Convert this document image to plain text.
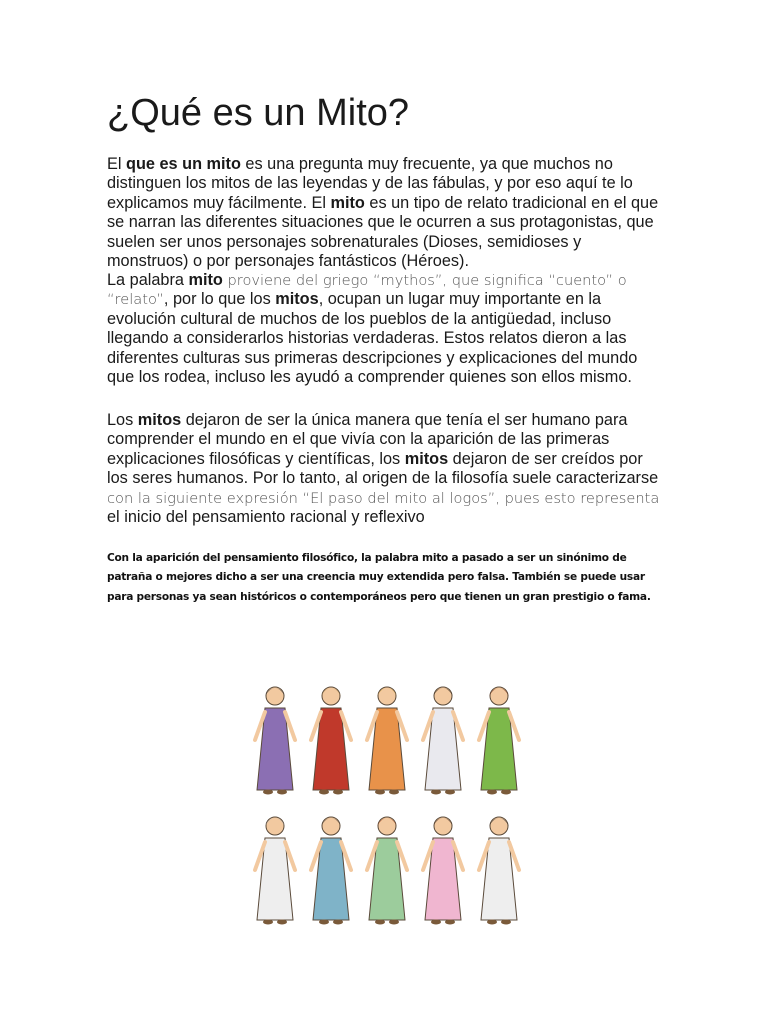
¿Qué es un Mito?

El que es un mito es una pregunta muy frecuente, ya que muchos no distinguen los mitos de las leyendas y de las fábulas, y por eso aquí te lo explicamos muy fácilmente. El mito es un tipo de relato tradicional en el que se narran las diferentes situaciones que le ocurren a sus protagonistas, que suelen ser unos personajes sobrenaturales (Dioses, semidioses y monstruos) o por personajes fantásticos (Héroes).

La palabra mito proviene del griego “mythos”, que significa “cuento” o “relato”, por lo que los mitos, ocupan un lugar muy importante en la evolución cultural de muchos de los pueblos de la antigüedad, incluso llegando a considerarlos historias verdaderas. Estos relatos dieron a las diferentes culturas sus primeras descripciones y explicaciones del mundo que los rodea, incluso les ayudó a comprender quienes son ellos mismo.

Los mitos dejaron de ser la única manera que tenía el ser humano para comprender el mundo en el que vivía con la aparición de las primeras explicaciones filosóficas y científicas, los mitos dejaron de ser creídos por los seres humanos. Por lo tanto, al origen de la filosofía suele caracterizarse con la siguiente expresión “El paso del mito al logos”, pues esto representa el inicio del pensamiento racional y reflexivo

Con la aparición del pensamiento filosófico, la palabra mito a pasado a ser un sinónimo de patraña o mejores dicho a ser una creencia muy extendida pero falsa. También se puede usar para personas ya sean históricos o contemporáneos pero que tienen un gran prestigio o fama.
